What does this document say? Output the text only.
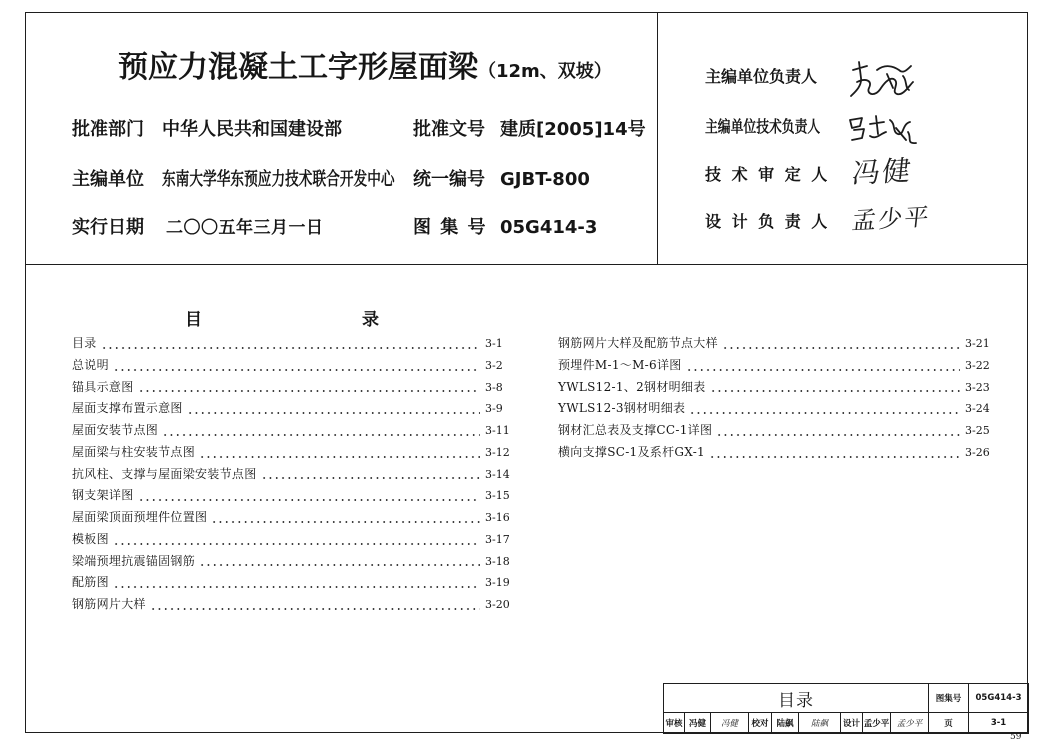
预应力混凝土工字形屋面梁（12m、双坡）
批准部门 中华人民共和国建设部	批准文号 建质[2005]14号
主编单位 东南大学华东预应力技术联合开发中心 统一编号 GJBT-800
实行日期 二〇〇五年三月一日	图 集 号 05G414-3
主编单位负责人
主编单位技术负责人
技 术 审 定 人 冯健
设 计 负 责 人 孟少平
目录
目录	3-1
总说明	3-2
锚具示意图	3-8
屋面支撑布置示意图	3-9
屋面安装节点图	3-11
屋面梁与柱安装节点图	3-12
抗风柱、支撑与屋面梁安装节点图	3-14
钢支架详图	3-15
屋面梁顶面预埋件位置图	3-16
模板图	3-17
梁端预埋抗震锚固钢筋	3-18
配筋图	3-19
钢筋网片大样	3-20
钢筋网片大样及配筋节点大样	3-21
预埋件M-1～M-6详图	3-22
YWLS12-1、2钢材明细表	3-23
YWLS12-3钢材明细表	3-24
钢材汇总表及支撑CC-1详图	3-25
横向支撑SC-1及系杆GX-1	3-26
目录									图集号	05G414-3
审核	冯健	冯健	校对	陆飙	陆飙	设计	孟少平	孟少平	页	3-1
59
